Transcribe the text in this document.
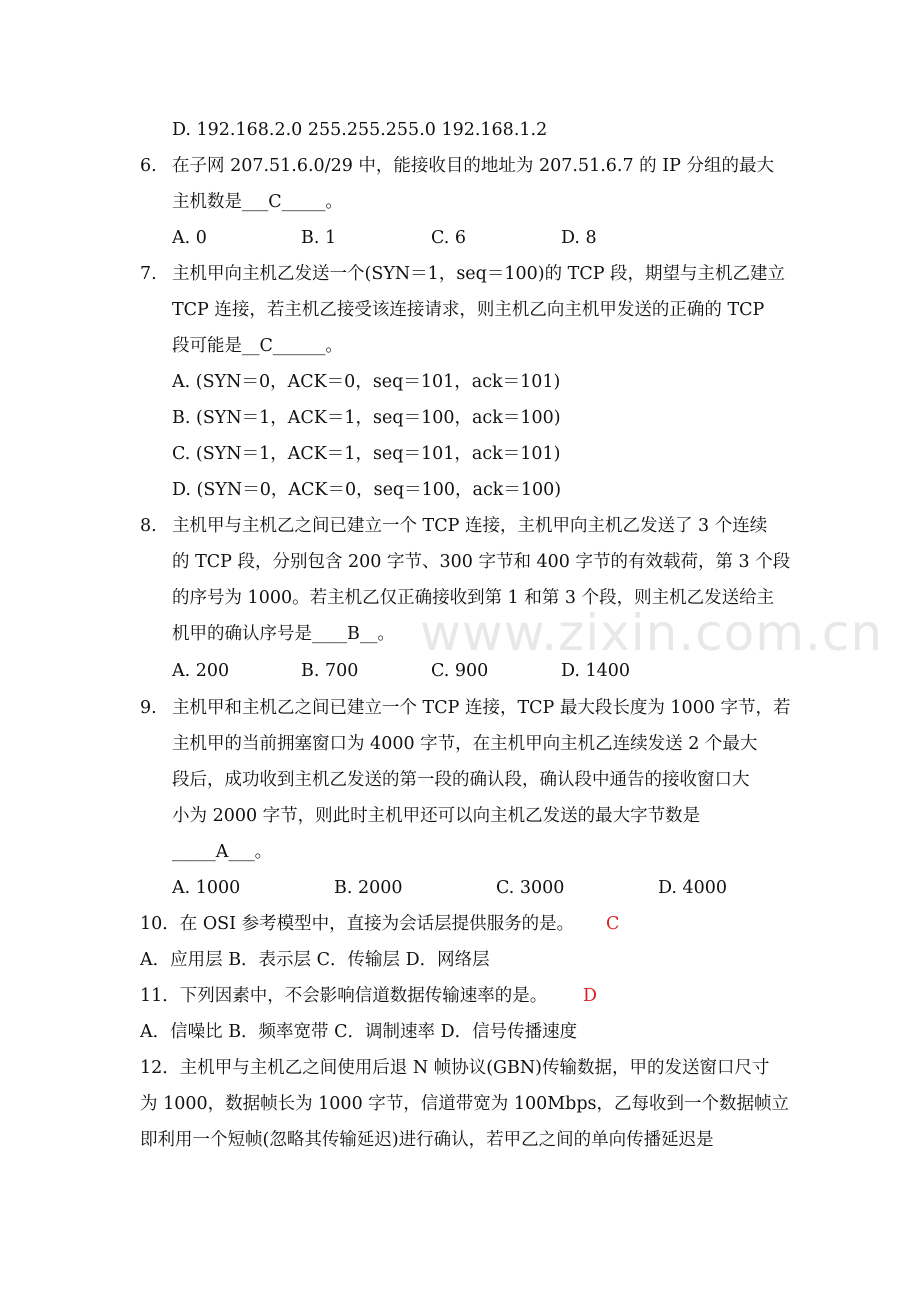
www.zixin.com.cn
D. 192.168.2.0 255.255.255.0 192.168.1.2
6. 在子网 207.51.6.0/29 中，能接收目的地址为 207.51.6.7 的 IP 分组的最大
主机数是___C_____。
A. 0	B. 1	C. 6	D. 8
7. 主机甲向主机乙发送一个(SYN＝1，seq＝100)的 TCP 段，期望与主机乙建立
TCP 连接，若主机乙接受该连接请求，则主机乙向主机甲发送的正确的 TCP
段可能是__C______。
A. (SYN＝0，ACK＝0，seq＝101，ack＝101)
B. (SYN＝1，ACK＝1，seq＝100，ack＝100)
C. (SYN＝1，ACK＝1，seq＝101，ack＝101)
D. (SYN＝0，ACK＝0，seq＝100，ack＝100)
8. 主机甲与主机乙之间已建立一个 TCP 连接，主机甲向主机乙发送了 3 个连续
的 TCP 段，分别包含 200 字节、300 字节和 400 字节的有效载荷，第 3 个段
的序号为 1000。若主机乙仅正确接收到第 1 和第 3 个段，则主机乙发送给主
机甲的确认序号是____B__。
A. 200	B. 700	C. 900	D. 1400
9. 主机甲和主机乙之间已建立一个 TCP 连接，TCP 最大段长度为 1000 字节，若
主机甲的当前拥塞窗口为 4000 字节，在主机甲向主机乙连续发送 2 个最大
段后，成功收到主机乙发送的第一段的确认段，确认段中通告的接收窗口大
小为 2000 字节，则此时主机甲还可以向主机乙发送的最大字节数是
_____A___。
A. 1000	B. 2000	C. 3000	D. 4000
10．在 OSI 参考模型中，直接为会话层提供服务的是。 C
A．应用层 B．表示层 C．传输层 D．网络层
11．下列因素中，不会影响信道数据传输速率的是。 D
A．信噪比 B．频率宽带 C．调制速率 D．信号传播速度
12．主机甲与主机乙之间使用后退 N 帧协议(GBN)传输数据，甲的发送窗口尺寸
为 1000，数据帧长为 1000 字节，信道带宽为 100Mbps，乙每收到一个数据帧立
即利用一个短帧(忽略其传输延迟)进行确认，若甲乙之间的单向传播延迟是
